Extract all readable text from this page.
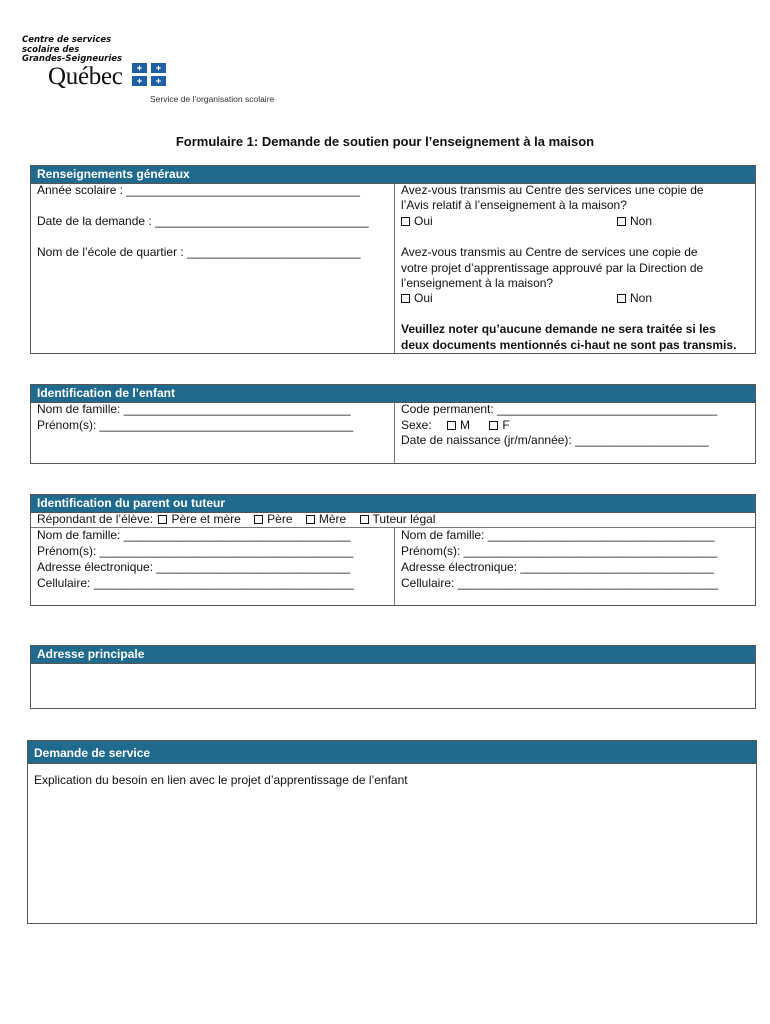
Centre de services
scolaire des
Grandes-Seigneuries
Québec
Service de l’organisation scolaire
Formulaire 1: Demande de soutien pour l’enseignement à la maison
Renseignements généraux
Année scolaire : ___________________________________
Date de la demande : ________________________________
Nom de l’école de quartier : __________________________
Avez-vous transmis au Centre des services une copie de
l’Avis relatif à l’enseignement à la maison?
Oui	Non
Avez-vous transmis au Centre de services une copie de
votre projet d’apprentissage approuvé par la Direction de
l’enseignement à la maison?
Oui	Non
Veuillez noter qu’aucune demande ne sera traitée si les
deux documents mentionnés ci-haut ne sont pas transmis.
Identification de l’enfant
Nom de famille: __________________________________
Prénom(s): ______________________________________
Code permanent: _________________________________
Sexe: M	F
Date de naissance (jr/m/année): ____________________
Identification du parent ou tuteur
Répondant de l’élève: Père et mère Père Mère Tuteur légal
Nom de famille: __________________________________
Prénom(s): ______________________________________
Adresse électronique: _____________________________
Cellulaire: _______________________________________
Nom de famille: __________________________________
Prénom(s): ______________________________________
Adresse électronique: _____________________________
Cellulaire: _______________________________________
Adresse principale
Demande de service
Explication du besoin en lien avec le projet d’apprentissage de l’enfant
